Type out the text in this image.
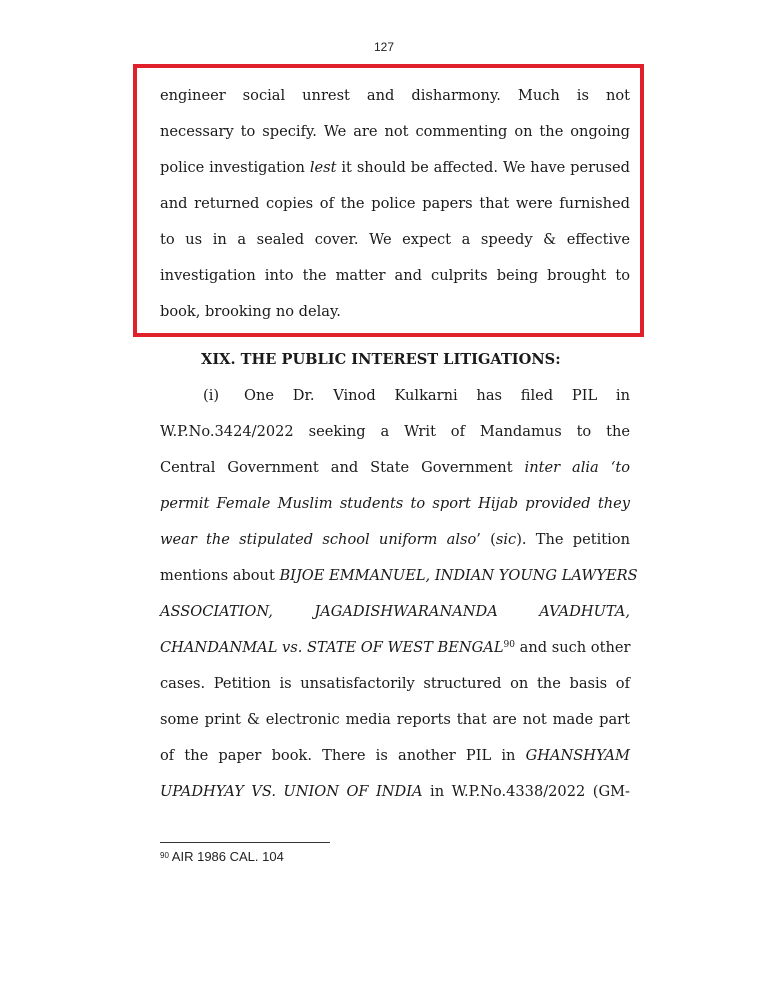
127
engineer social unrest and disharmony. Much is not
necessary to specify. We are not commenting on the ongoing
police investigation lest it should be affected. We have perused
and returned copies of the police papers that were furnished
to us in a sealed cover. We expect a speedy & effective
investigation into the matter and culprits being brought to
book, brooking no delay.
XIX. THE PUBLIC INTEREST LITIGATIONS:
(i) One Dr. Vinod Kulkarni has filed PIL in
W.P.No.3424/2022 seeking a Writ of Mandamus to the
Central Government and State Government inter alia ‘to
permit Female Muslim students to sport Hijab provided they
wear the stipulated school uniform also’ (sic). The petition
mentions about BIJOE EMMANUEL, INDIAN YOUNG LAWYERS
ASSOCIATION,	JAGADISHWARANANDA	AVADHUTA,
CHANDANMAL vs. STATE OF WEST BENGAL$^{90}$ and such other
cases. Petition is unsatisfactorily structured on the basis of
some print & electronic media reports that are not made part
of the paper book. There is another PIL in GHANSHYAM
UPADHYAY VS. UNION OF INDIA in W.P.No.4338/2022 (GM-
$^{90}$ AIR 1986 CAL. 104
